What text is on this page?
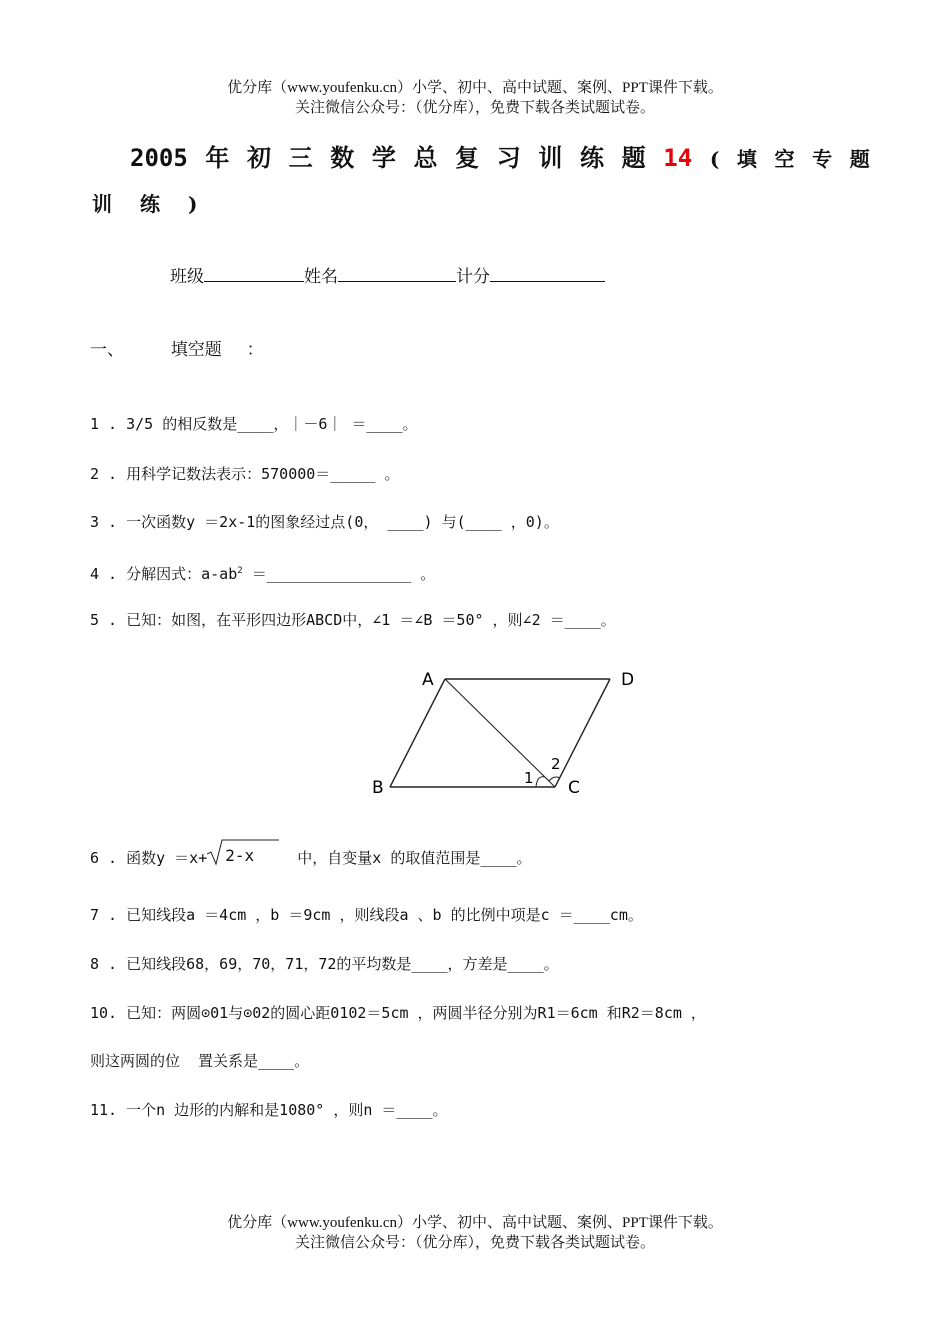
优分库（www.youfenku.cn）小学、初中、高中试题、案例、PPT课件下载。
关注微信公众号：（优分库），免费下载各类试题试卷。
2005 年 初 三 数 学 总 复 习 训 练 题 14 ( 填 空 专 题
训 练 )
班级	姓名	计分
一、	填空题 ：
1 . 3/5 的相反数是____，｜－6｜ ＝____。
2 . 用科学记数法表示：570000＝_____ 。
3 . 一次函数y ＝2x-1的图象经过点(0， ____) 与(____ ，0)。
4 . 分解因式：$a-ab^2$ ＝________________ 。
5 . 已知：如图，在平形四边形ABCD中，∠1 ＝∠B ＝50° ，则∠2 ＝____。
A	D
B	C
1
2
6 . 函数y ＝x+ 2-x  中，自变量x 的取值范围是____。
7 . 已知线段a ＝4cm ，b ＝9cm ，则线段a 、b 的比例中项是c ＝____cm。
8 . 已知线段68，69，70，71，72的平均数是____，方差是____。
10. 已知：两圆⊙01与⊙02的圆心距0102＝5cm ，两圆半径分别为R1＝6cm 和R2＝8cm ，
则这两圆的位  置关系是____。
11. 一个n 边形的内解和是1080° ，则n ＝____。
优分库（www.youfenku.cn）小学、初中、高中试题、案例、PPT课件下载。
关注微信公众号：（优分库），免费下载各类试题试卷。
